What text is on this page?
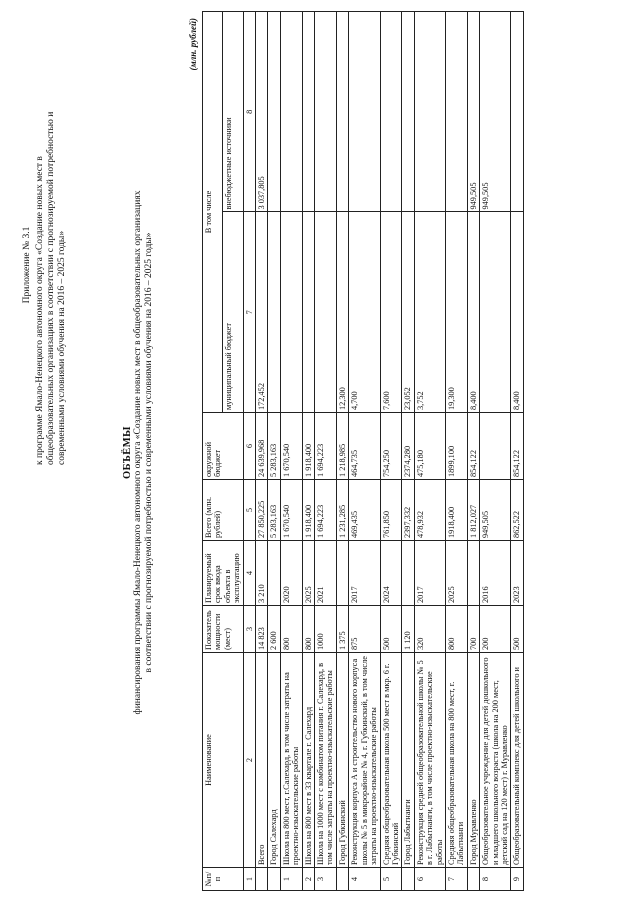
Приложение № 3.1 к программе Ямало-Ненецкого автономного округа «Создание новых мест в общеобразовательных организациях в соответствии с прогнозируемой потребностью и современными условиями обучения на 2016 – 2025 годы»	ОБЪЁМЫ финансирования программы Ямало-Ненецкого автономного округа «Создание новых мест в общеобразовательных организациях в соответствии с прогнозируемой потребностью и современными условиями обучения на 2016 – 2025 годы»
(млн. рублей)
№п/п	Наименование	Показатель мощности (мест)	Планируемый срок ввода объекта в эксплуатацию	Всего (млн. рублей)	окружной бюджет	В том числе	
						муниципальный бюджет	внебюджетные источники
1	2	3	4	5	6	7	8
	Всего	14 823	3 210	27 850,225	24 639,968	172,452	3 037,805
	Город Салехард	2 600		5 283,163	5 283,163		
1	Школа на 800 мест, г.Салехард, в том числе затраты на проектно-изыскательские работы	800	2020	1 670,540	1 670,540		
2	Школа на 800 мест в 33 квартале г. Салехард	800	2025	1 918,400	1 918,400		
3	Школа на 1000 мест с комбинатом питания г. Салехард, в том числе затраты на проектно-изыскательские работы	1000	2021	1 694,223	1 694,223		
	Город Губкинский	1 375		1 231,285	1 218,985	12,300	
4	Реконструкция корпуса А и строительство нового корпуса школы № 5 в микрорайоне № 4, г. Губкинский, в том числе затраты на проектно-изыскательские работы	875	2017	469,435	464,735	4,700	
5	Средняя общеобразовательная школа 500 мест в мкр. 6 г. Губкинский	500	2024	761,850	754,250	7,600	
	Город Лабытнанги	1 120		2397,332	2374,280	23,052	
6	Реконструкция средней общеобразовательной школы № 5 в г. Лабытнанги, в том числе проектно-изыскательские работы	320	2017	478,932	475,180	3,752	
7	Средняя общеобразовательная школа на 800 мест, г. Лабытнанги	800	2025	1918,400	1899,100	19,300	
	Город Муравленко	700		1 812,027	854,122	8,400	949,505
8	Общеобразовательное учреждение для детей дошкольного и младшего школьного возраста (школа на 200 мест, детский сад на 120 мест) г. Муравленко	200	2016	949,505			949,505
9	Общеобразовательный комплекс для детей школьного и	500	2023	862,522	854,122	8,400	
